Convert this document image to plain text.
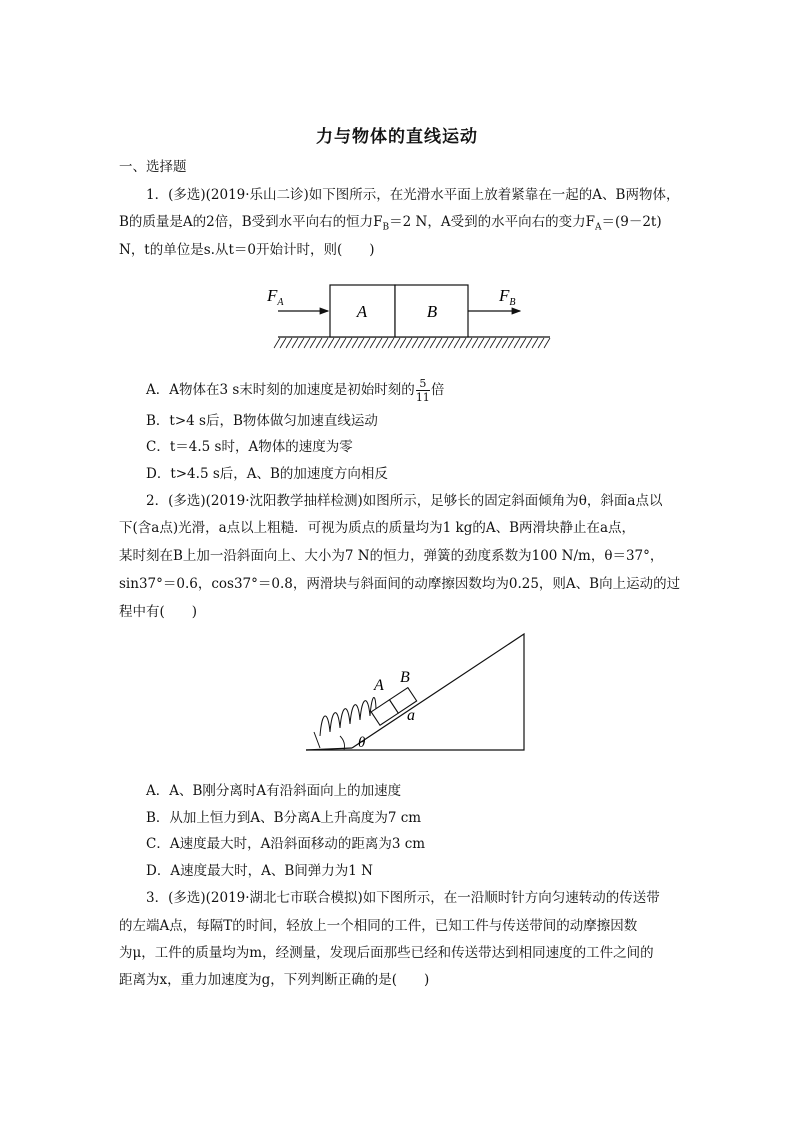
力与物体的直线运动
一、选择题
1．(多选)(2019·乐山二诊)如下图所示，在光滑水平面上放着紧靠在一起的A、B两物体，
B的质量是A的2倍，B受到水平向右的恒力$F_B=2$ N，A受到的水平向右的变力$F_A=(9-2t)$
N，t的单位是s.从t＝0开始计时，则(　　)
A	B
$F_A$	$F_B$
A．A物体在3 s末时刻的加速度是初始时刻的 $\frac{5}{11}$ 倍
B．t>4 s后，B物体做匀加速直线运动
C．t＝4.5 s时，A物体的速度为零
D．t>4.5 s后，A、B的加速度方向相反
2．(多选)(2019·沈阳教学抽样检测)如图所示，足够长的固定斜面倾角为θ，斜面a点以
下(含a点)光滑，a点以上粗糙．可视为质点的质量均为1 kg的A、B两滑块静止在a点，
某时刻在B上加一沿斜面向上、大小为7 N的恒力，弹簧的劲度系数为100 N/m，θ＝37°，
sin37°＝0.6，cos37°＝0.8，两滑块与斜面间的动摩擦因数均为0.25，则A、B向上运动的过
程中有(　　)
A B
a
θ
A．A、B刚分离时A有沿斜面向上的加速度
B．从加上恒力到A、B分离A上升高度为7 cm
C．A速度最大时，A沿斜面移动的距离为3 cm
D．A速度最大时，A、B间弹力为1 N
3．(多选)(2019·湖北七市联合模拟)如下图所示，在一沿顺时针方向匀速转动的传送带
的左端A点，每隔T的时间，轻放上一个相同的工件，已知工件与传送带间的动摩擦因数
为μ，工件的质量均为m，经测量，发现后面那些已经和传送带达到相同速度的工件之间的
距离为x，重力加速度为g，下列判断正确的是(　　)
